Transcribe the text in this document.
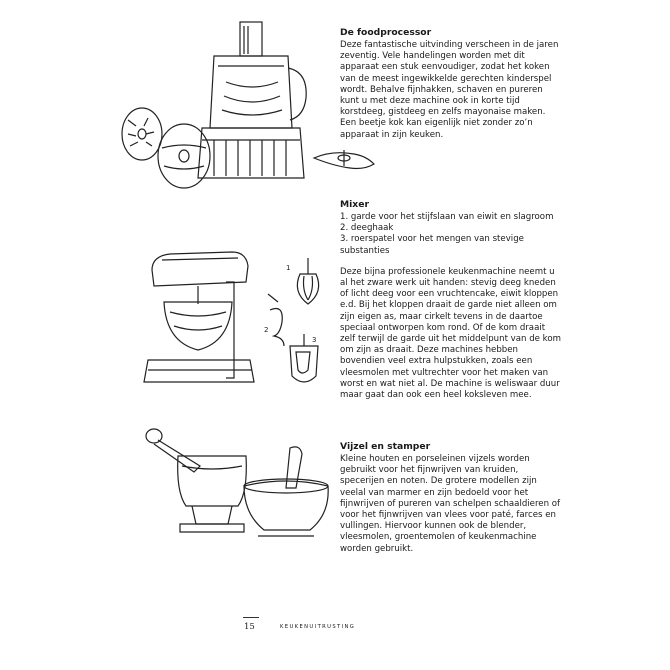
De foodprocessor

Deze fantastische uitvinding verscheen in de jaren zeventig. Vele handelingen worden met dit apparaat een stuk eenvoudiger, zodat het koken van de meest ingewikkelde gerechten kinderspel wordt. Behalve fijnhakken, schaven en pureren kunt u met deze machine ook in korte tijd korstdeeg, gistdeeg en zelfs mayonaise maken. Een beetje kok kan eigenlijk niet zonder zo’n apparaat in zijn keuken.

1
2
3
Mixer
1. garde voor het stijfslaan van eiwit en slagroom
2. deeghaak
3. roerspatel voor het mengen van stevige substanties

Deze bijna professionele keukenmachine neemt u al het zware werk uit handen: stevig deeg kneden of licht deeg voor een vruchtencake, eiwit kloppen e.d. Bij het kloppen draait de garde niet alleen om zijn eigen as, maar cirkelt tevens in de daartoe speciaal ontworpen kom rond. Of de kom draait zelf terwijl de garde uit het middelpunt van de kom om zijn as draait. Deze machines hebben bovendien veel extra hulpstukken, zoals een vleesmolen met vultrechter voor het maken van worst en wat niet al. De machine is weliswaar duur maar gaat dan ook een heel koksleven mee.

Vijzel en stamper

Kleine houten en porseleinen vijzels worden gebruikt voor het fijnwrijven van kruiden, specerijen en noten. De grotere modellen zijn veelal van marmer en zijn bedoeld voor het fijnwrijven of pureren van schelpen schaaldieren of voor het fijnwrijven van vlees voor paté, farces en vullingen. Hiervoor kunnen ook de blender, vleesmolen, groentemolen of keukenmachine worden gebruikt.

15	KEUKENUITRUSTING
